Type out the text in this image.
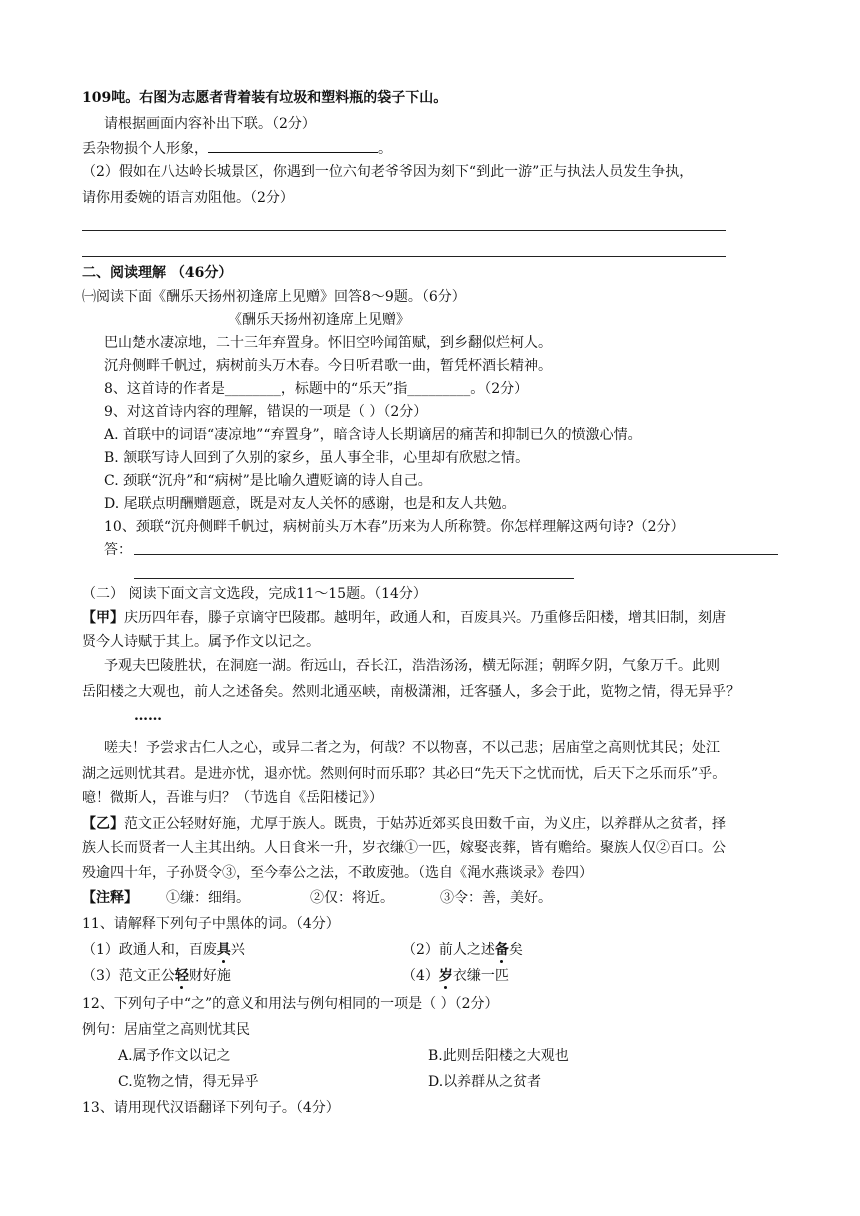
109吨。右图为志愿者背着装有垃圾和塑料瓶的袋子下山。
请根据画面内容补出下联。（2分）
丢杂物损个人形象，	。
（2）假如在八达岭长城景区，你遇到一位六旬老爷爷因为刻下“到此一游”正与执法人员发生争执，
请你用委婉的语言劝阻他。（2分）
二、阅读理解 （46分）
㈠阅读下面《酬乐天扬州初逢席上见赠》回答8～9题。（6分）
《酬乐天扬州初逢席上见赠》
巴山楚水凄凉地，二十三年弃置身。怀旧空吟闻笛赋，到乡翻似烂柯人。
沉舟侧畔千帆过，病树前头万木春。今日听君歌一曲，暂凭杯酒长精神。
8、这首诗的作者是________，标题中的“乐天”指_________。（2分）
9、对这首诗内容的理解，错误的一项是（ ）（2分）
A. 首联中的词语“凄凉地”“弃置身”，暗含诗人长期谪居的痛苦和抑制已久的愤激心情。
B. 颔联写诗人回到了久别的家乡，虽人事全非，心里却有欣慰之情。
C. 颈联“沉舟”和“病树”是比喻久遭贬谪的诗人自己。
D. 尾联点明酬赠题意，既是对友人关怀的感谢，也是和友人共勉。
10、颈联“沉舟侧畔千帆过，病树前头万木春”历来为人所称赞。你怎样理解这两句诗?（2分）
答：
（二） 阅读下面文言文选段，完成11～15题。（14分）
【甲】庆历四年春，滕子京谪守巴陵郡。越明年，政通人和，百废具兴。乃重修岳阳楼，增其旧制，刻唐
贤今人诗赋于其上。属予作文以记之。
予观夫巴陵胜状，在洞庭一湖。衔远山，吞长江，浩浩汤汤，横无际涯；朝晖夕阴，气象万千。此则
岳阳楼之大观也，前人之述备矣。然则北通巫峡，南极潇湘，迁客骚人，多会于此，览物之情，得无异乎？
……
嗟夫！予尝求古仁人之心，或异二者之为，何哉？不以物喜，不以己悲；居庙堂之高则忧其民；处江
湖之远则忧其君。是进亦忧，退亦忧。然则何时而乐耶？其必曰“先天下之忧而忧，后天下之乐而乐”乎。
噫！微斯人，吾谁与归？（节选自《岳阳楼记》）
【乙】范文正公轻财好施，尤厚于族人。既贵，于姑苏近郊买良田数千亩，为义庄，以养群从之贫者，择
族人长而贤者一人主其出纳。人日食米一升，岁衣缣①一匹，嫁娶丧葬，皆有赡给。聚族人仅②百口。公
殁逾四十年，子孙贤令③，至今奉公之法，不敢废弛。（选自《渑水燕谈录》卷四）
【注释】 ①缣：细绢。	②仅：将近。	③令：善，美好。
11、请解释下列句子中黑体的词。（4分）
（1）政通人和，百废具兴	（2）前人之述备矣
（3）范文正公轻财好施	（4）岁衣缣一匹
12、下列句子中“之”的意义和用法与例句相同的一项是（ ）（2分）
例句：居庙堂之高则忧其民
A.属予作文以记之	B.此则岳阳楼之大观也
C.览物之情，得无异乎	D.以养群从之贫者
13、请用现代汉语翻译下列句子。（4分）
